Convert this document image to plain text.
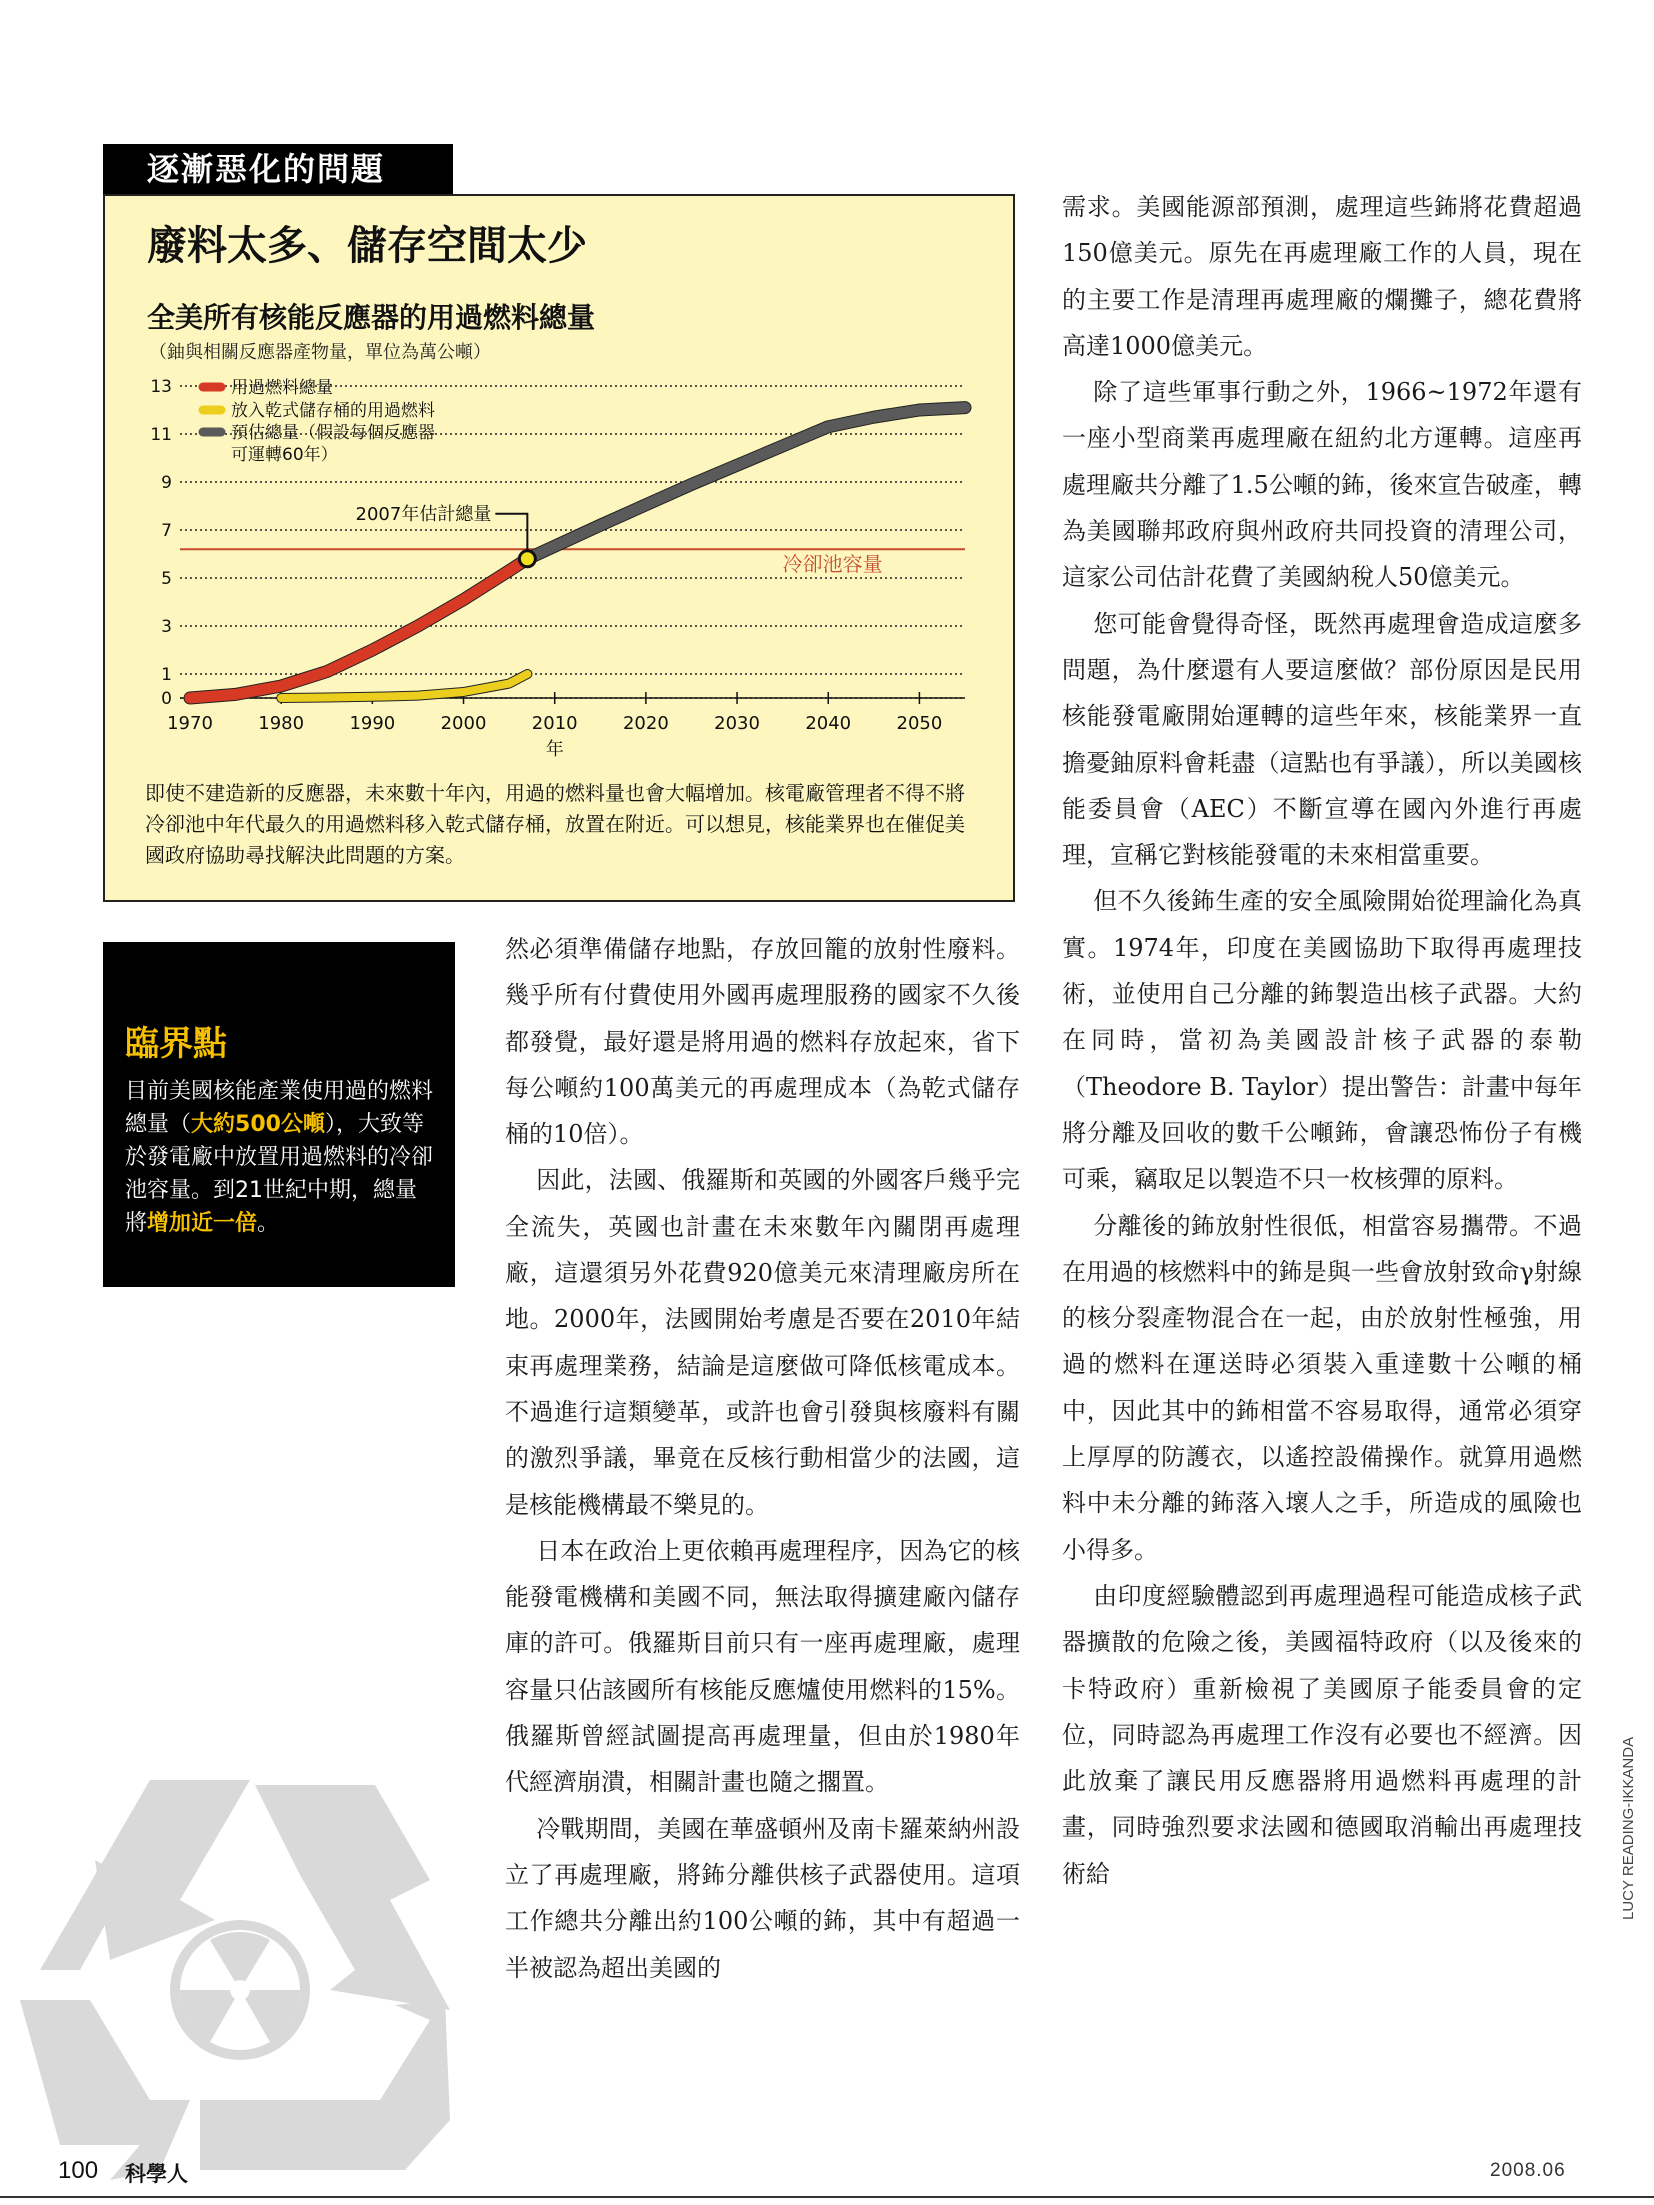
逐漸惡化的問題
廢料太多、儲存空間太少
全美所有核能反應器的用過燃料總量
（鈾與相關反應器產物量，單位為萬公噸）
0
1
3
5
7
9
11
13
1970	1980	1990	2000	2010	2020	2030	2040	2050
年
冷卻池容量
2007年估計總量
用過燃料總量
放入乾式儲存桶的用過燃料
預估總量（假設每個反應器
可運轉60年）
即使不建造新的反應器，未來數十年內，用過的燃料量也會大幅增加。核電廠管理者不得不將冷卻池中年代最久的用過燃料移入乾式儲存桶，放置在附近。可以想見，核能業界也在催促美國政府協助尋找解決此問題的方案。
臨界點
目前美國核能產業使用過的燃料總量（大約500公噸），大致等於發電廠中放置用過燃料的冷卻池容量。到21世紀中期，總量將增加近一倍。

然必須準備儲存地點，存放回籠的放射性廢料。幾乎所有付費使用外國再處理服務的國家不久後都發覺，最好還是將用過的燃料存放起來，省下每公噸約100萬美元的再處理成本（為乾式儲存桶的10倍）。

因此，法國、俄羅斯和英國的外國客戶幾乎完全流失，英國也計畫在未來數年內關閉再處理廠，這還須另外花費920億美元來清理廠房所在地。2000年，法國開始考慮是否要在2010年結束再處理業務，結論是這麼做可降低核電成本。不過進行這類變革，或許也會引發與核廢料有關的激烈爭議，畢竟在反核行動相當少的法國，這是核能機構最不樂見的。

日本在政治上更依賴再處理程序，因為它的核能發電機構和美國不同，無法取得擴建廠內儲存庫的許可。俄羅斯目前只有一座再處理廠，處理容量只佔該國所有核能反應爐使用燃料的15%。俄羅斯曾經試圖提高再處理量，但由於1980年代經濟崩潰，相關計畫也隨之擱置。

冷戰期間，美國在華盛頓州及南卡羅萊納州設立了再處理廠，將鈽分離供核子武器使用。這項工作總共分離出約100公噸的鈽，其中有超過一半被認為超出美國的

需求。美國能源部預測，處理這些鈽將花費超過150億美元。原先在再處理廠工作的人員，現在的主要工作是清理再處理廠的爛攤子，總花費將高達1000億美元。

除了這些軍事行動之外，1966~1972年還有一座小型商業再處理廠在紐約北方運轉。這座再處理廠共分離了1.5公噸的鈽，後來宣告破產，轉為美國聯邦政府與州政府共同投資的清理公司，這家公司估計花費了美國納稅人50億美元。

您可能會覺得奇怪，既然再處理會造成這麼多問題，為什麼還有人要這麼做？部份原因是民用核能發電廠開始運轉的這些年來，核能業界一直擔憂鈾原料會耗盡（這點也有爭議），所以美國核能委員會（AEC）不斷宣導在國內外進行再處理，宣稱它對核能發電的未來相當重要。

但不久後鈽生產的安全風險開始從理論化為真實。1974年，印度在美國協助下取得再處理技術，並使用自己分離的鈽製造出核子武器。大約在同時，當初為美國設計核子武器的泰勒（Theodore B. Taylor）提出警告：計畫中每年將分離及回收的數千公噸鈽，會讓恐怖份子有機可乘，竊取足以製造不只一枚核彈的原料。

分離後的鈽放射性很低，相當容易攜帶。不過在用過的核燃料中的鈽是與一些會放射致命γ射線的核分裂產物混合在一起，由於放射性極強，用過的燃料在運送時必須裝入重達數十公噸的桶中，因此其中的鈽相當不容易取得，通常必須穿上厚厚的防護衣，以遙控設備操作。就算用過燃料中未分離的鈽落入壞人之手，所造成的風險也小得多。

由印度經驗體認到再處理過程可能造成核子武器擴散的危險之後，美國福特政府（以及後來的卡特政府）重新檢視了美國原子能委員會的定位，同時認為再處理工作沒有必要也不經濟。因此放棄了讓民用反應器將用過燃料再處理的計畫，同時強烈要求法國和德國取消輸出再處理技術給	LUCY READING-IKKANDA
100 科學人	2008.06
